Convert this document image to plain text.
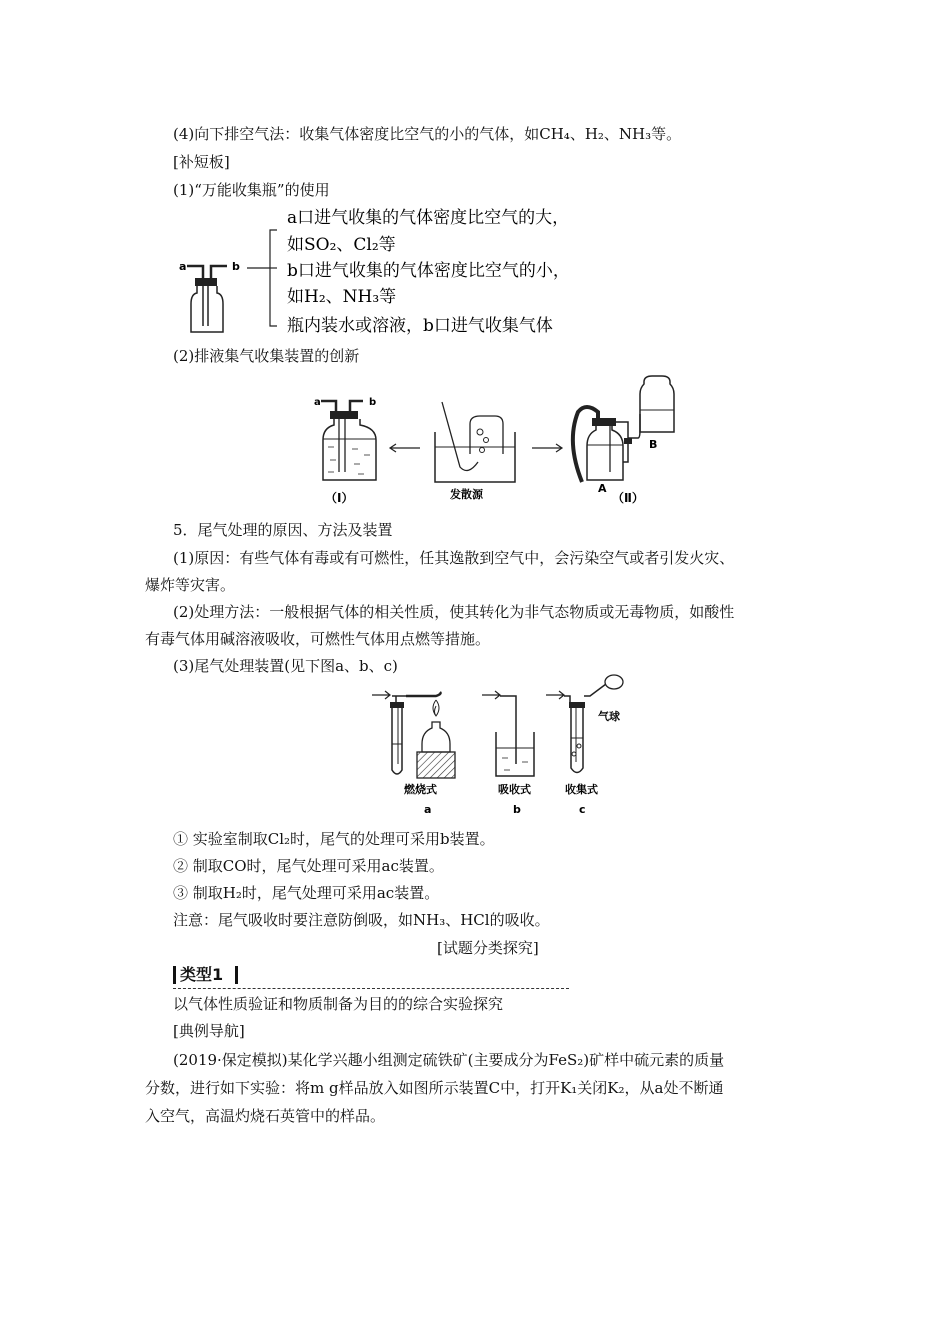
(4)向下排空气法：收集气体密度比空气的小的气体，如CH₄、H₂、NH₃等。
[补短板]
(1)“万能收集瓶”的使用
a	b
a口进气收集的气体密度比空气的大，
如SO₂、Cl₂等
b口进气收集的气体密度比空气的小，
如H₂、NH₃等
瓶内装水或溶液，b口进气收集气体
(2)排液集气收集装置的创新
a	b
（Ⅰ）	发散源	A
B
（Ⅱ）
5．尾气处理的原因、方法及装置
(1)原因：有些气体有毒或有可燃性，任其逸散到空气中，会污染空气或者引发火灾、
爆炸等灾害。
(2)处理方法：一般根据气体的相关性质，使其转化为非气态物质或无毒物质，如酸性
有毒气体用碱溶液吸收，可燃性气体用点燃等措施。
(3)尾气处理装置(见下图a、b、c)
燃烧式
a
吸收式
b
气球
收集式
c
① 实验室制取Cl₂时，尾气的处理可采用b装置。
② 制取CO时，尾气处理可采用ac装置。
③ 制取H₂时，尾气处理可采用ac装置。
注意：尾气吸收时要注意防倒吸，如NH₃、HCl的吸收。
[试题分类探究]
类型1
以气体性质验证和物质制备为目的的综合实验探究
[典例导航]
(2019·保定模拟)某化学兴趣小组测定硫铁矿(主要成分为FeS₂)矿样中硫元素的质量
分数，进行如下实验：将m g样品放入如图所示装置C中，打开K₁关闭K₂，从a处不断通
入空气，高温灼烧石英管中的样品。
